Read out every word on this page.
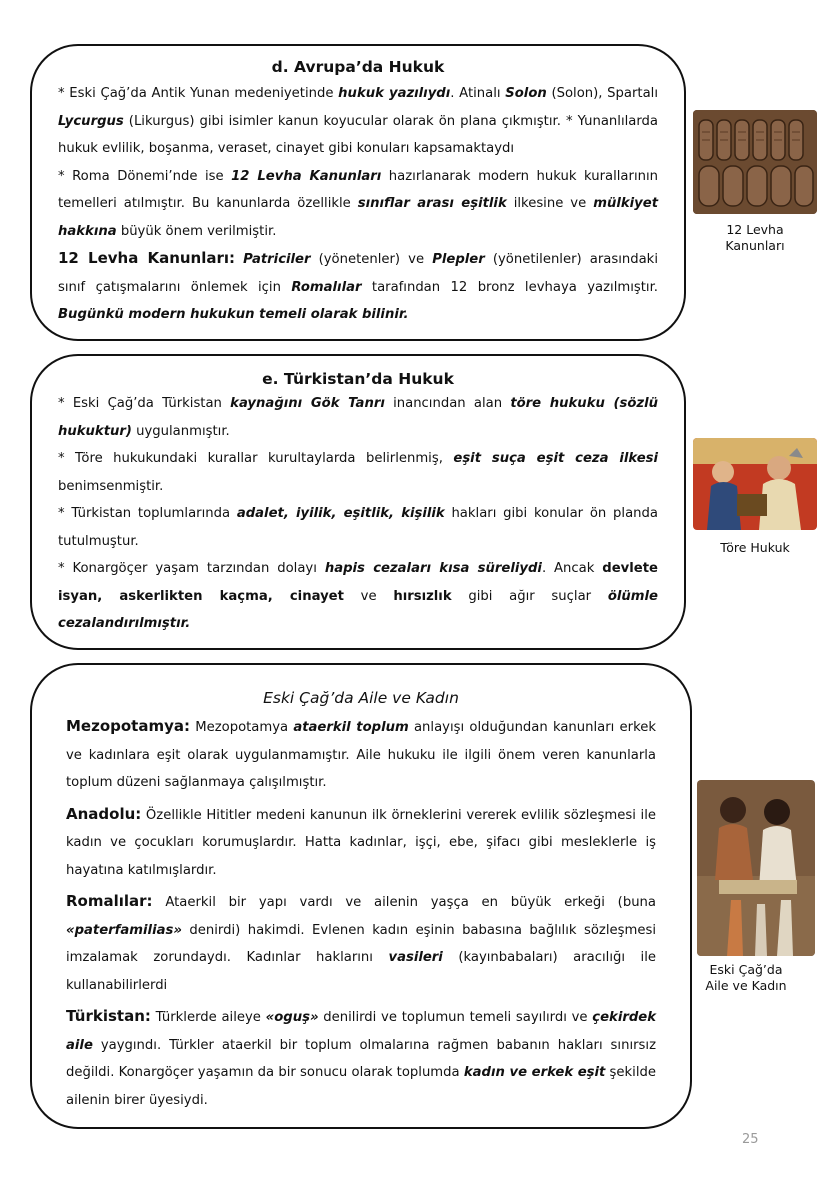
d. Avrupa’da Hukuk

* Eski Çağ’da Antik Yunan medeniyetinde hukuk yazılıydı. Atinalı Solon (Solon), Spartalı Lycurgus (Likurgus) gibi isimler kanun koyucular olarak ön plana çıkmıştır. * Yunanlılarda hukuk evlilik, boşanma, veraset, cinayet gibi konuları kapsamaktaydı

* Roma Dönemi’nde ise 12 Levha Kanunları hazırlanarak modern hukuk kurallarının temelleri atılmıştır. Bu kanunlarda özellikle sınıflar arası eşitlik ilkesine ve mülkiyet hakkına büyük önem verilmiştir.

12 Levha Kanunları: Patriciler (yönetenler) ve Plepler (yönetilenler) arasındaki sınıf çatışmalarını önlemek için Romalılar tarafından 12 bronz levhaya yazılmıştır. Bugünkü modern hukukun temeli olarak bilinir.

e. Türkistan’da Hukuk

* Eski Çağ’da Türkistan kaynağını Gök Tanrı inancından alan töre hukuku (sözlü hukuktur) uygulanmıştır.

* Töre hukukundaki kurallar kurultaylarda belirlenmiş, eşit suça eşit ceza ilkesi benimsenmiştir.

* Türkistan toplumlarında adalet, iyilik, eşitlik, kişilik hakları gibi konular ön planda tutulmuştur.

* Konargöçer yaşam tarzından dolayı hapis cezaları kısa süreliydi. Ancak devlete isyan, askerlikten kaçma, cinayet ve hırsızlık gibi ağır suçlar ölümle cezalandırılmıştır.

Eski Çağ’da Aile ve Kadın

Mezopotamya: Mezopotamya ataerkil toplum anlayışı olduğundan kanunları erkek ve kadınlara eşit olarak uygulanmamıştır. Aile hukuku ile ilgili önem veren kanunlarla toplum düzeni sağlanmaya çalışılmıştır.

Anadolu: Özellikle Hititler medeni kanunun ilk örneklerini vererek evlilik sözleşmesi ile kadın ve çocukları korumuşlardır. Hatta kadınlar, işçi, ebe, şifacı gibi mesleklerle iş hayatına katılmışlardır.

Romalılar: Ataerkil bir yapı vardı ve ailenin yaşça en büyük erkeği (buna «paterfamilias» denirdi) hakimdi. Evlenen kadın eşinin babasına bağlılık sözleşmesi imzalamak zorundaydı. Kadınlar haklarını vasileri (kayınbabaları) aracılığı ile kullanabilirlerdi

Türkistan: Türklerde aileye «oguş» denilirdi ve toplumun temeli sayılırdı ve çekirdek aile yaygındı. Türkler ataerkil bir toplum olmalarına rağmen babanın hakları sınırsız değildi. Konargöçer yaşamın da bir sonucu olarak toplumda kadın ve erkek eşit şekilde ailenin birer üyesiydi.

12 Levha
Kanunları
Töre Hukuk
Eski Çağ’da
Aile ve Kadın
25
